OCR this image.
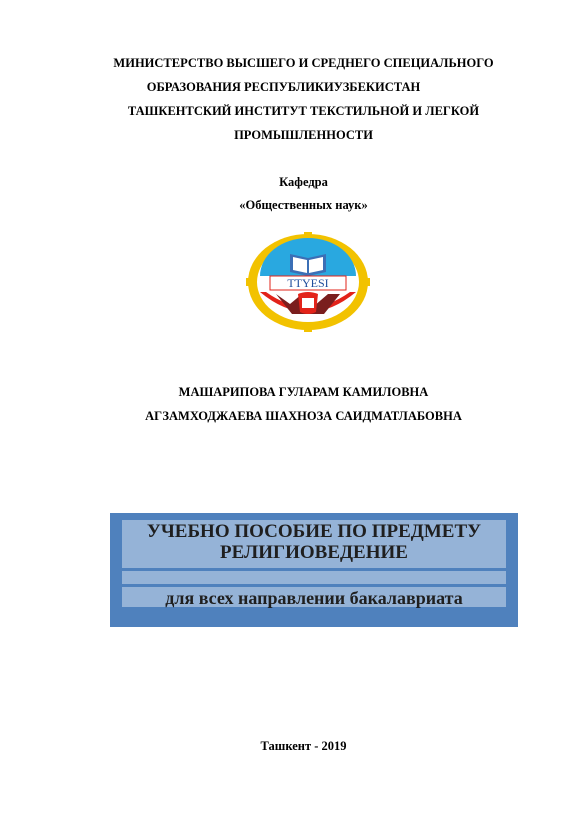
МИНИСТЕРСТВО ВЫСШЕГО И СРЕДНЕГО СПЕЦИАЛЬНОГО
ОБРАЗОВАНИЯ РЕСПУБЛИКИУЗБЕКИСТАН
ТАШКЕНТСКИЙ ИНСТИТУТ ТЕКСТИЛЬНОЙ И ЛЕГКОЙ
ПРОМЫШЛЕННОСТИ
Кафедра
«Общественных наук»
TTYESI
МАШАРИПОВА ГУЛАРАМ КАМИЛОВНА
АГЗАМХОДЖАЕВА ШАХНОЗА САИДМАТЛАБОВНА
УЧЕБНО ПОСОБИЕ ПО ПРЕДМЕТУ
РЕЛИГИОВЕДЕНИЕ
для всех направлении бакалавриата
Ташкент - 2019
